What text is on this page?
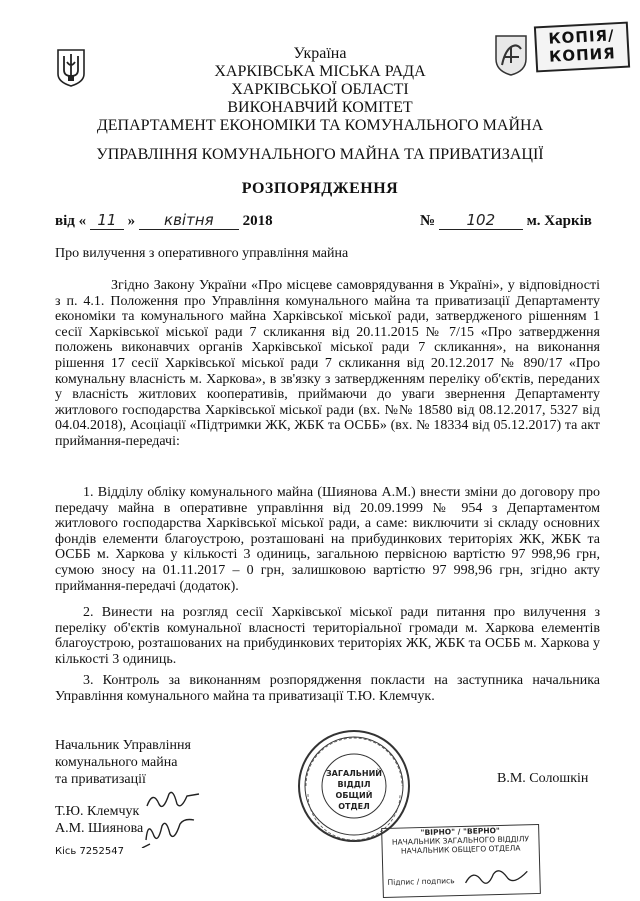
КОПІЯ/ КОПИЯ
Україна
ХАРКІВСЬКА МІСЬКА РАДА
ХАРКІВСЬКОЇ ОБЛАСТІ
ВИКОНАВЧИЙ КОМІТЕТ
ДЕПАРТАМЕНТ ЕКОНОМІКИ ТА КОМУНАЛЬНОГО МАЙНА
УПРАВЛІННЯ КОМУНАЛЬНОГО МАЙНА ТА ПРИВАТИЗАЦІЇ
РОЗПОРЯДЖЕННЯ
від « 11 » квітня 2018	№ 102 м. Харків
Про вилучення з оперативного управління майна
Згідно Закону України «Про місцеве самоврядування в Україні», у відповідності з п. 4.1. Положення про Управління комунального майна та приватизації Департаменту економіки та комунального майна Харківської міської ради, затвердженого рішенням 1 сесії Харківської міської ради 7 скликання від 20.11.2015 № 7/15 «Про затвердження положень виконавчих органів Харківської міської ради 7 скликання», на виконання рішення 17 сесії Харківської міської ради 7 скликання від 20.12.2017 № 890/17 «Про комунальну власність м. Харкова», в зв'язку з затвердженням переліку об'єктів, переданих у власність житлових кооперативів, приймаючи до уваги звернення Департаменту житлового господарства Харківської міської ради (вх. №№ 18580 від 08.12.2017, 5327 від 04.04.2018), Асоціації «Підтримки ЖК, ЖБК та ОСББ» (вх. № 18334 від 05.12.2017) та акт приймання-передачі:
1. Відділу обліку комунального майна (Шиянова А.М.) внести зміни до договору про передачу майна в оперативне управління від 20.09.1999 № 954 з Департаментом житлового господарства Харківської міської ради, а саме: виключити зі складу основних фондів елементи благоустрою, розташовані на прибудинкових територіях ЖК, ЖБК та ОСББ м. Харкова у кількості 3 одиниць, загальною первісною вартістю 97 998,96 грн, сумою зносу на 01.11.2017 – 0 грн, залишковою вартістю 97 998,96 грн, згідно акту приймання-передачі (додаток).
2. Винести на розгляд сесії Харківської міської ради питання про вилучення з переліку об'єктів комунальної власності територіальної громади м. Харкова елементів благоустрою, розташованих на прибудинкових територіях ЖК, ЖБК та ОСББ м. Харкова у кількості 3 одиниць.
3. Контроль за виконанням розпорядження покласти на заступника начальника Управління комунального майна та приватизації Т.Ю. Клемчук.
Начальник Управління
комунального майна
та приватизації	В.М. Солошкін
Т.Ю. Клемчук
А.М. Шиянова
Кісь 7252547
ЗАГАЛЬНИЙ
ВІДДІЛ
ОБЩИЙ ОТДЕЛ
"ВІРНО" / "ВЕРНО"
НАЧАЛЬНИК ЗАГАЛЬНОГО ВІДДІЛУ
НАЧАЛЬНИК ОБЩЕГО ОТДЕЛА
Підпис / подпись
